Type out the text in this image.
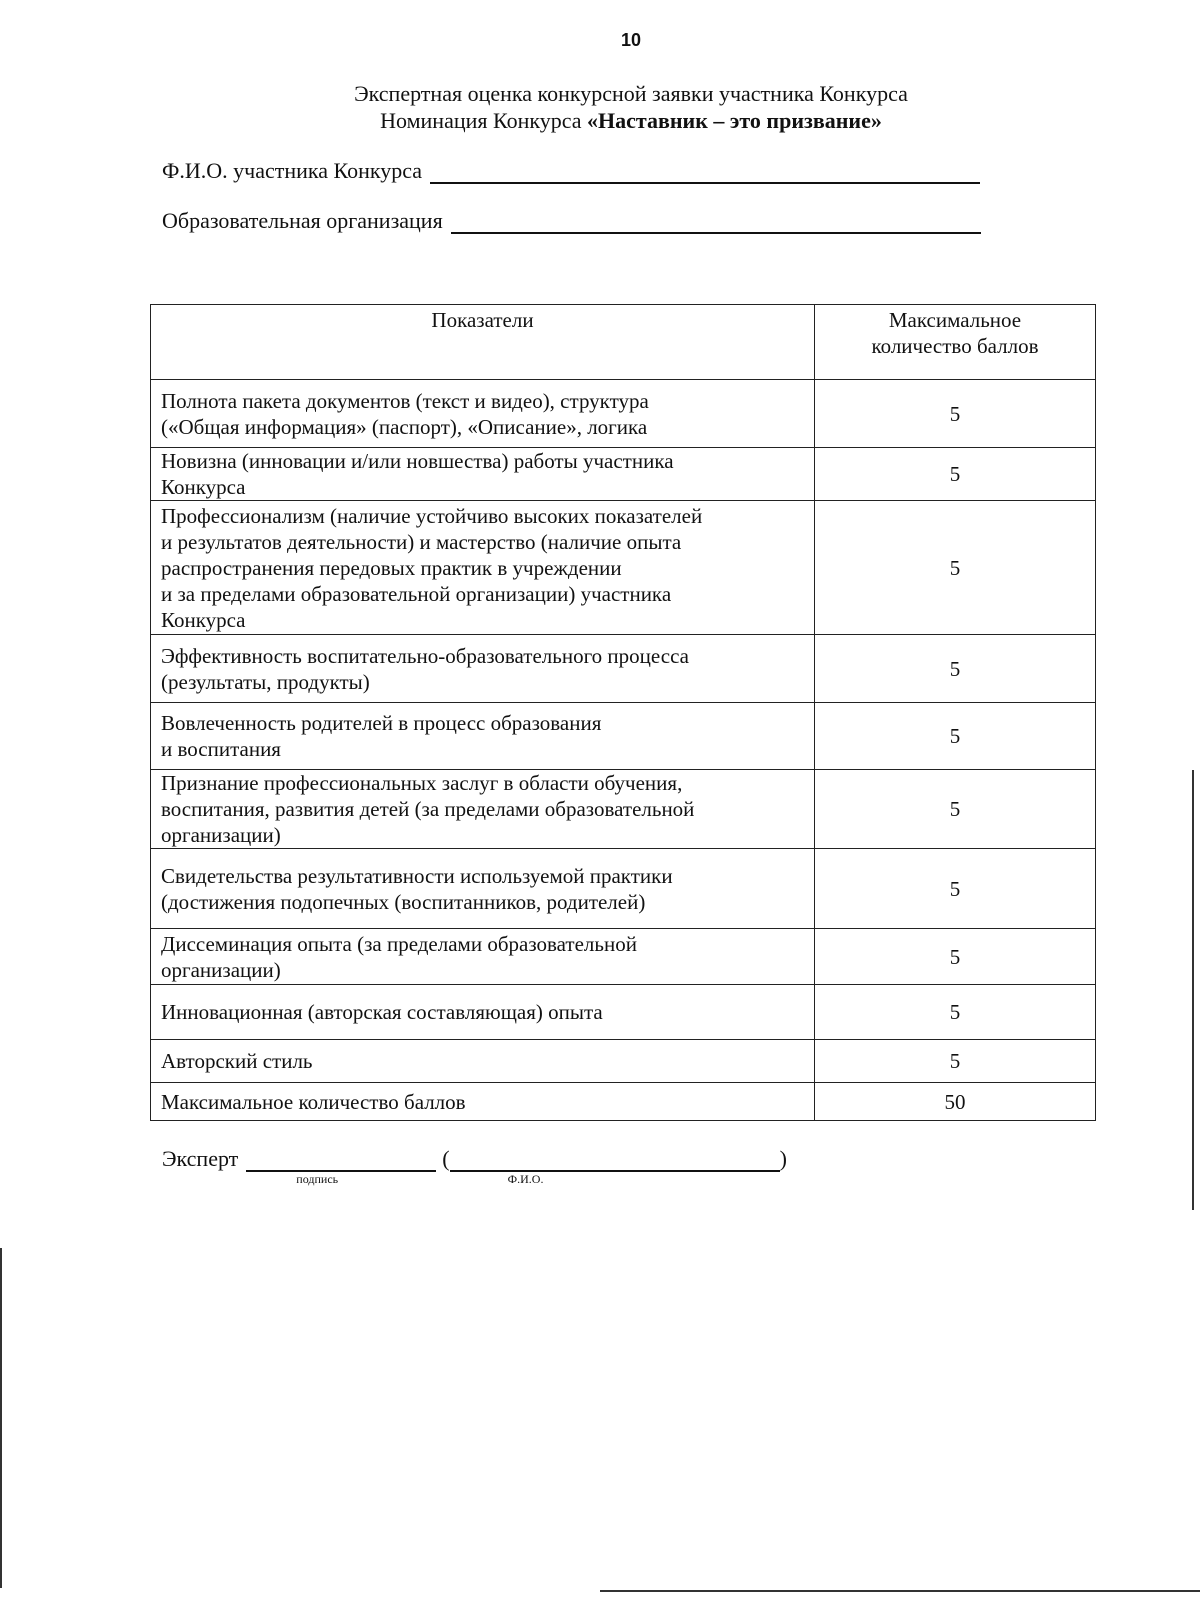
10
Экспертная оценка конкурсной заявки участника Конкурса
Номинация Конкурса «Наставник – это призвание»
Ф.И.О. участника Конкурса
Образовательная организация
Показатели	Максимальное
количество баллов

Полнота пакета документов (текст и видео), структура
(«Общая информация» (паспорт), «Описание», логика	5

Новизна (инновации и/или новшества) работы участника
Конкурса	5

Профессионализм (наличие устойчиво высоких показателей
и результатов деятельности) и мастерство (наличие опыта
распространения передовых практик в учреждении
и за пределами образовательной организации) участника
Конкурса	5

Эффективность воспитательно-образовательного процесса
(результаты, продукты)	5

Вовлеченность родителей в процесс образования
и воспитания	5

Признание профессиональных заслуг в области обучения,
воспитания, развития детей (за пределами образовательной
организации)	5

Свидетельства результативности используемой практики
(достижения подопечных (воспитанников, родителей)	5

Диссеминация опыта (за пределами образовательной
организации)	5

Инновационная (авторская составляющая) опыта	5

Авторский стиль	5

Максимальное количество баллов	50
Эксперт
подпись
(
Ф.И.О.
)
